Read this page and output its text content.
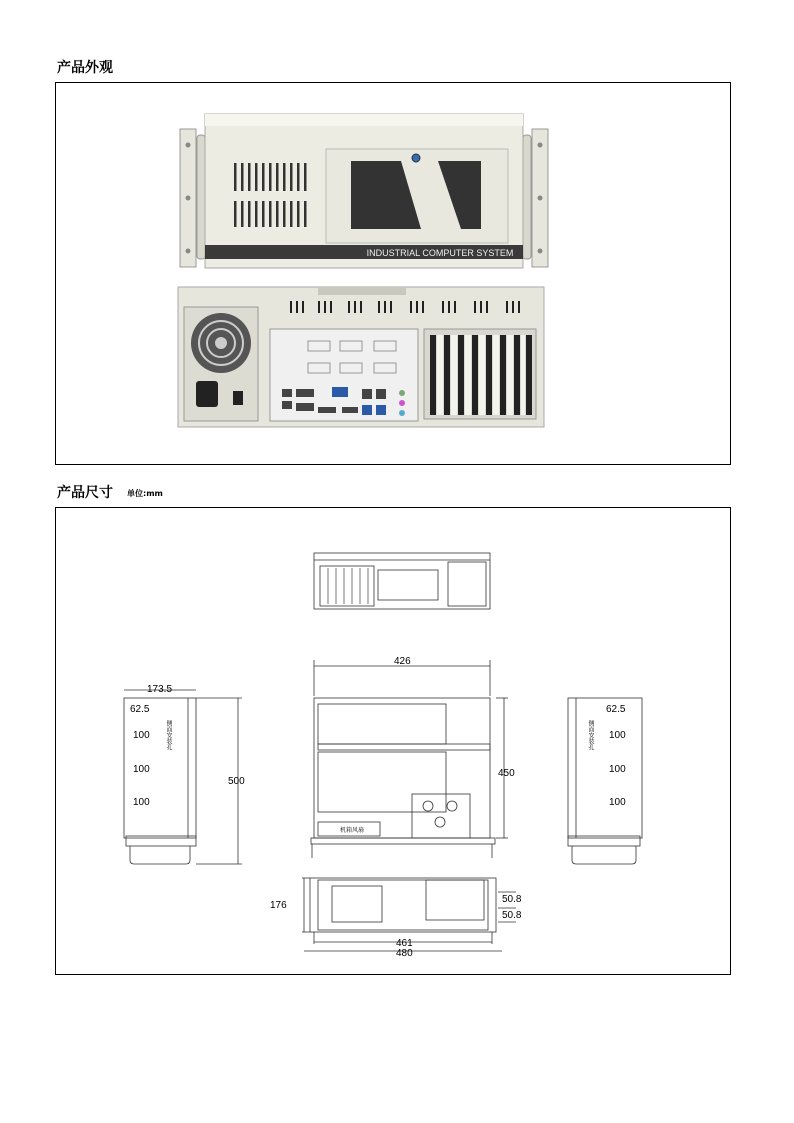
产品外观
INDUSTRIAL COMPUTER SYSTEM
产品尺寸 单位:mm
173.5
62.5
100
100
100
500
侧面安装孔
426
450
机箱风扇
62.5
100
100
100
侧面安装孔
176
50.8
50.8
461
480
